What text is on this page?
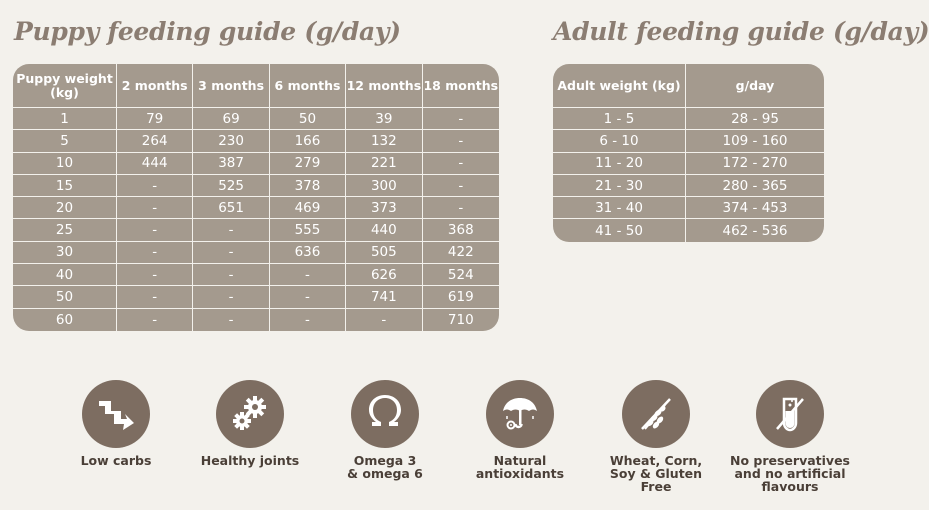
Puppy feeding guide (g/day)	Adult feeding guide (g/day)
Puppy weight (kg)	2 months	3 months	6 months	12 months	18 months
1	79	69	50	39	-
5	264	230	166	132	-
10	444	387	279	221	-
15	-	525	378	300	-
20	-	651	469	373	-
25	-	-	555	440	368
30	-	-	636	505	422
40	-	-	-	626	524
50	-	-	-	741	619
60	-	-	-	-	710
Adult weight (kg)	g/day
1 - 5	28 - 95
6 - 10	109 - 160
11 - 20	172 - 270
21 - 30	280 - 365
31 - 40	374 - 453
41 - 50	462 - 536
Low carbs	Healthy joints	Omega 3
& omega 6
Natural
antioxidants
Wheat, Corn,
Soy & Gluten
Free
No preservatives
and no artificial
flavours
